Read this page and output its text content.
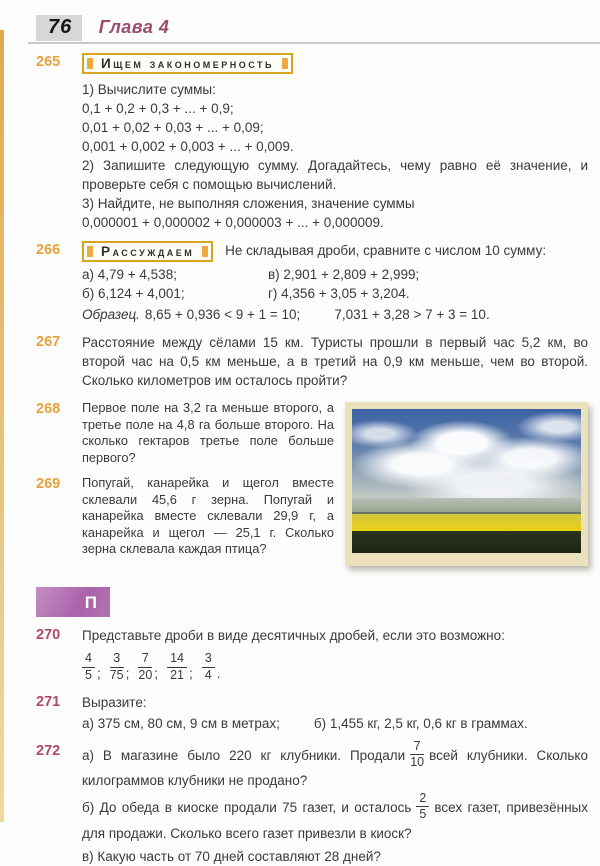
76 Глава 4
265	Ищем закономерность
1) Вычислите суммы:
0,1 + 0,2 + 0,3 + ... + 0,9;
0,01 + 0,02 + 0,03 + ... + 0,09;
0,001 + 0,002 + 0,003 + ... + 0,009.
2) Запишите следующую сумму. Догадайтесь, чему равно её значение, и проверьте себя с помощью вычислений.
3) Найдите, не выполняя сложения, значение суммы
0,000001 + 0,000002 + 0,000003 + ... + 0,000009.
266	Рассуждаем Не складывая дроби, сравните с числом 10 сумму:
а) 4,79 + 4,538;	в) 2,901 + 2,809 + 2,999;
б) 6,124 + 4,001;	г) 4,356 + 3,05 + 3,204.
Образец. 8,65 + 0,936 < 9 + 1 = 10;	7,031 + 3,28 > 7 + 3 = 10.
267	Расстояние между сёлами 15 км. Туристы прошли в первый час 5,2 км, во второй час на 0,5 км меньше, а в третий на 0,9 км меньше, чем во второй. Сколько километров им осталось пройти?
268	Первое поле на 3,2 га меньше второго, а третье поле на 4,8 га больше второго. На сколько гектаров третье поле больше первого?
269	Попугай, канарейка и щегол вместе склевали 45,6 г зерна. Попугай и канарейка вместе склевали 29,9 г, а канарейка и щегол — 25,1 г. Сколько зерна склевала каждая птица?
П
270	Представьте дроби в виде десятичных дробей, если это возможно:
$\frac{4}{5}$ ; $\frac{3}{75}$ ; $\frac{7}{20}$ ; $\frac{14}{21}$ ; $\frac{3}{4}$ .
271	Выразите:
а) 375 см, 80 см, 9 см в метрах;	б) 1,455 кг, 2,5 кг, 0,6 кг в граммах.
272	а) В магазине было 220 кг клубники. Продали $\frac{7}{10}$ всей клубники. Сколько килограммов клубники не продано?

б) До обеда в киоске продали 75 газет, и осталось $\frac{2}{5}$ всех газет, привезённых для продажи. Сколько всего газет привезли в киоск?

в) Какую часть от 70 дней составляют 28 дней?
